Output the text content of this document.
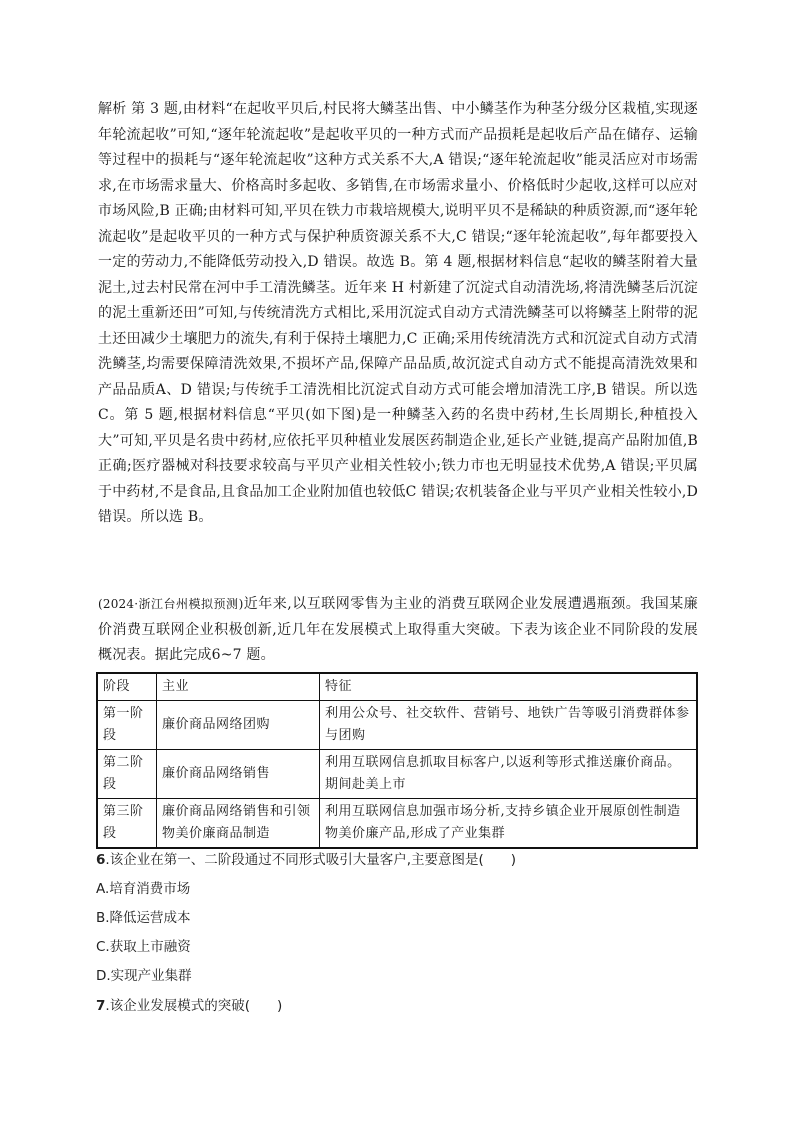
解析 第 3 题,由材料“在起收平贝后,村民将大鳞茎出售、中小鳞茎作为种茎分级分区栽植,实现逐年轮流起收”可知,“逐年轮流起收”是起收平贝的一种方式而产品损耗是起收后产品在储存、运输等过程中的损耗与“逐年轮流起收”这种方式关系不大,A 错误;“逐年轮流起收”能灵活应对市场需求,在市场需求量大、价格高时多起收、多销售,在市场需求量小、价格低时少起收,这样可以应对市场风险,B 正确;由材料可知,平贝在铁力市栽培规模大,说明平贝不是稀缺的种质资源,而“逐年轮流起收”是起收平贝的一种方式与保护种质资源关系不大,C 错误;“逐年轮流起收”,每年都要投入一定的劳动力,不能降低劳动投入,D 错误。故选 B。第 4 题,根据材料信息“起收的鳞茎附着大量泥土,过去村民常在河中手工清洗鳞茎。近年来 H 村新建了沉淀式自动清洗场,将清洗鳞茎后沉淀的泥土重新还田”可知,与传统清洗方式相比,采用沉淀式自动方式清洗鳞茎可以将鳞茎上附带的泥土还田减少土壤肥力的流失,有利于保持土壤肥力,C 正确;采用传统清洗方式和沉淀式自动方式清洗鳞茎,均需要保障清洗效果,不损坏产品,保障产品品质,故沉淀式自动方式不能提高清洗效果和产品品质A、D 错误;与传统手工清洗相比沉淀式自动方式可能会增加清洗工序,B 错误。所以选 C。第 5 题,根据材料信息“平贝(如下图)是一种鳞茎入药的名贵中药材,生长周期长,种植投入大”可知,平贝是名贵中药材,应依托平贝种植业发展医药制造企业,延长产业链,提高产品附加值,B 正确;医疗器械对科技要求较高与平贝产业相关性较小;铁力市也无明显技术优势,A 错误;平贝属于中药材,不是食品,且食品加工企业附加值也较低C 错误;农机装备企业与平贝产业相关性较小,D 错误。所以选 B。
(2024·浙江台州模拟预测)近年来,以互联网零售为主业的消费互联网企业发展遭遇瓶颈。我国某廉价消费互联网企业积极创新,近几年在发展模式上取得重大突破。下表为该企业不同阶段的发展概况表。据此完成6~7 题。
阶段	主业	特征
第一阶段	廉价商品网络团购	利用公众号、社交软件、营销号、地铁广告等吸引消费群体参与团购
第二阶段	廉价商品网络销售	利用互联网信息抓取目标客户,以返利等形式推送廉价商品。期间赴美上市
第三阶段	廉价商品网络销售和引领物美价廉商品制造	利用互联网信息加强市场分析,支持乡镇企业开展原创性制造物美价廉产品,形成了产业集群
6.该企业在第一、二阶段通过不同形式吸引大量客户,主要意图是(　　)
A.培育消费市场
B.降低运营成本
C.获取上市融资
D.实现产业集群
7.该企业发展模式的突破(　　)
